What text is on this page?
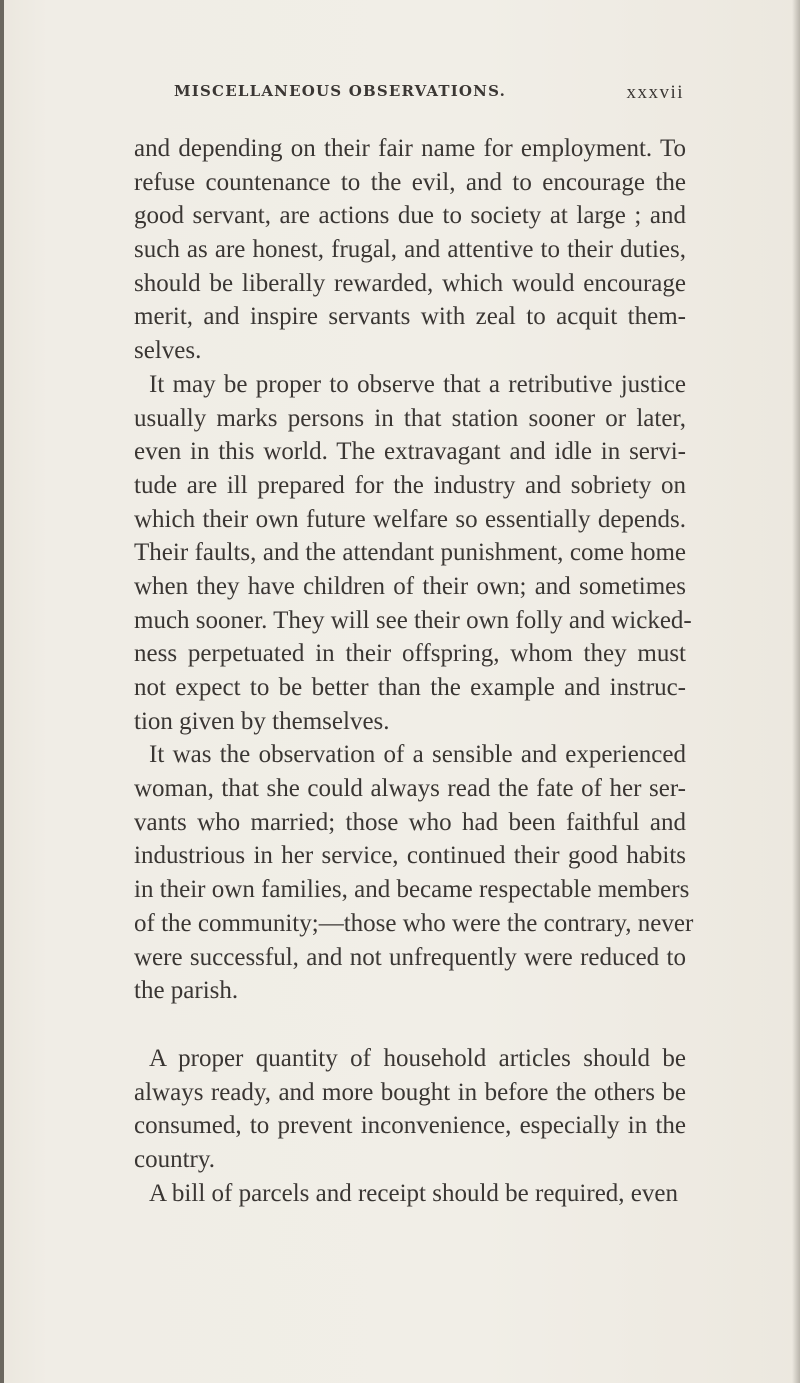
MISCELLANEOUS OBSERVATIONS.	xxxvii
and depending on their fair name for employment. To
refuse countenance to the evil, and to encourage the
good servant, are actions due to society at large ; and
such as are honest, frugal, and attentive to their duties,
should be liberally rewarded, which would encourage
merit, and inspire servants with zeal to acquit them-
selves.
It may be proper to observe that a retributive justice
usually marks persons in that station sooner or later,
even in this world. The extravagant and idle in servi-
tude are ill prepared for the industry and sobriety on
which their own future welfare so essentially depends.
Their faults, and the attendant punishment, come home
when they have children of their own; and sometimes
much sooner. They will see their own folly and wicked-
ness perpetuated in their offspring, whom they must
not expect to be better than the example and instruc-
tion given by themselves.
It was the observation of a sensible and experienced
woman, that she could always read the fate of her ser-
vants who married; those who had been faithful and
industrious in her service, continued their good habits
in their own families, and became respectable members
of the community;—those who were the contrary, never
were successful, and not unfrequently were reduced to
the parish.
A proper quantity of household articles should be
always ready, and more bought in before the others be
consumed, to prevent inconvenience, especially in the
country.
A bill of parcels and receipt should be required, even
